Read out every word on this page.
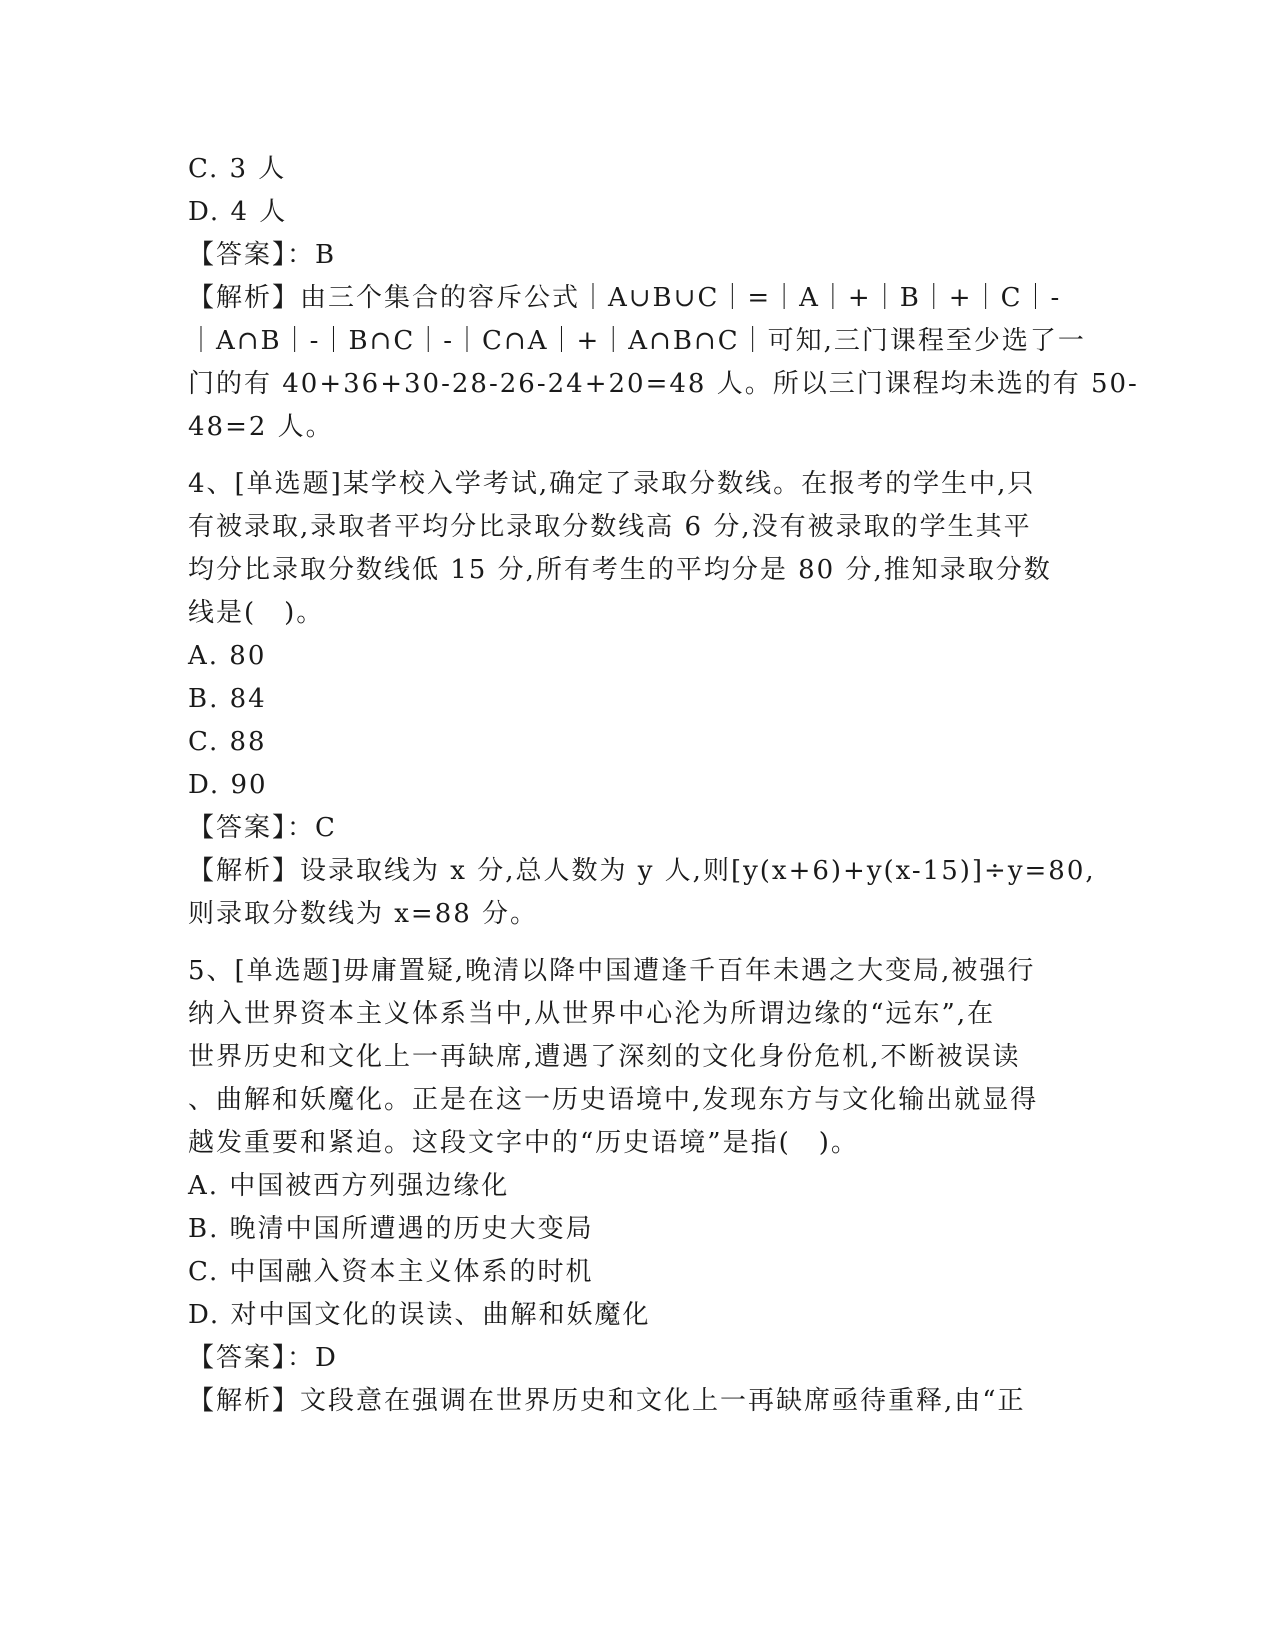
C. 3 人
D. 4 人
【答案】：B
【解析】由三个集合的容斥公式｜A∪B∪C｜=｜A｜+｜B｜+｜C｜-
｜A∩B｜-｜B∩C｜-｜C∩A｜+｜A∩B∩C｜可知,三门课程至少选了一
门的有 40+36+30-28-26-24+20=48 人。所以三门课程均未选的有 50-
48=2 人。
4、[单选题]某学校入学考试,确定了录取分数线。在报考的学生中,只
有被录取,录取者平均分比录取分数线高 6 分,没有被录取的学生其平
均分比录取分数线低 15 分,所有考生的平均分是 80 分,推知录取分数
线是(　)。
A. 80
B. 84
C. 88
D. 90
【答案】：C
【解析】设录取线为 x 分,总人数为 y 人,则[y(x+6)+y(x-15)]÷y=80,
则录取分数线为 x=88 分。
5、[单选题]毋庸置疑,晚清以降中国遭逢千百年未遇之大变局,被强行
纳入世界资本主义体系当中,从世界中心沦为所谓边缘的“远东”,在
世界历史和文化上一再缺席,遭遇了深刻的文化身份危机,不断被误读
、曲解和妖魔化。正是在这一历史语境中,发现东方与文化输出就显得
越发重要和紧迫。这段文字中的“历史语境”是指(　)。
A. 中国被西方列强边缘化
B. 晚清中国所遭遇的历史大变局
C. 中国融入资本主义体系的时机
D. 对中国文化的误读、曲解和妖魔化
【答案】：D
【解析】文段意在强调在世界历史和文化上一再缺席亟待重释,由“正
